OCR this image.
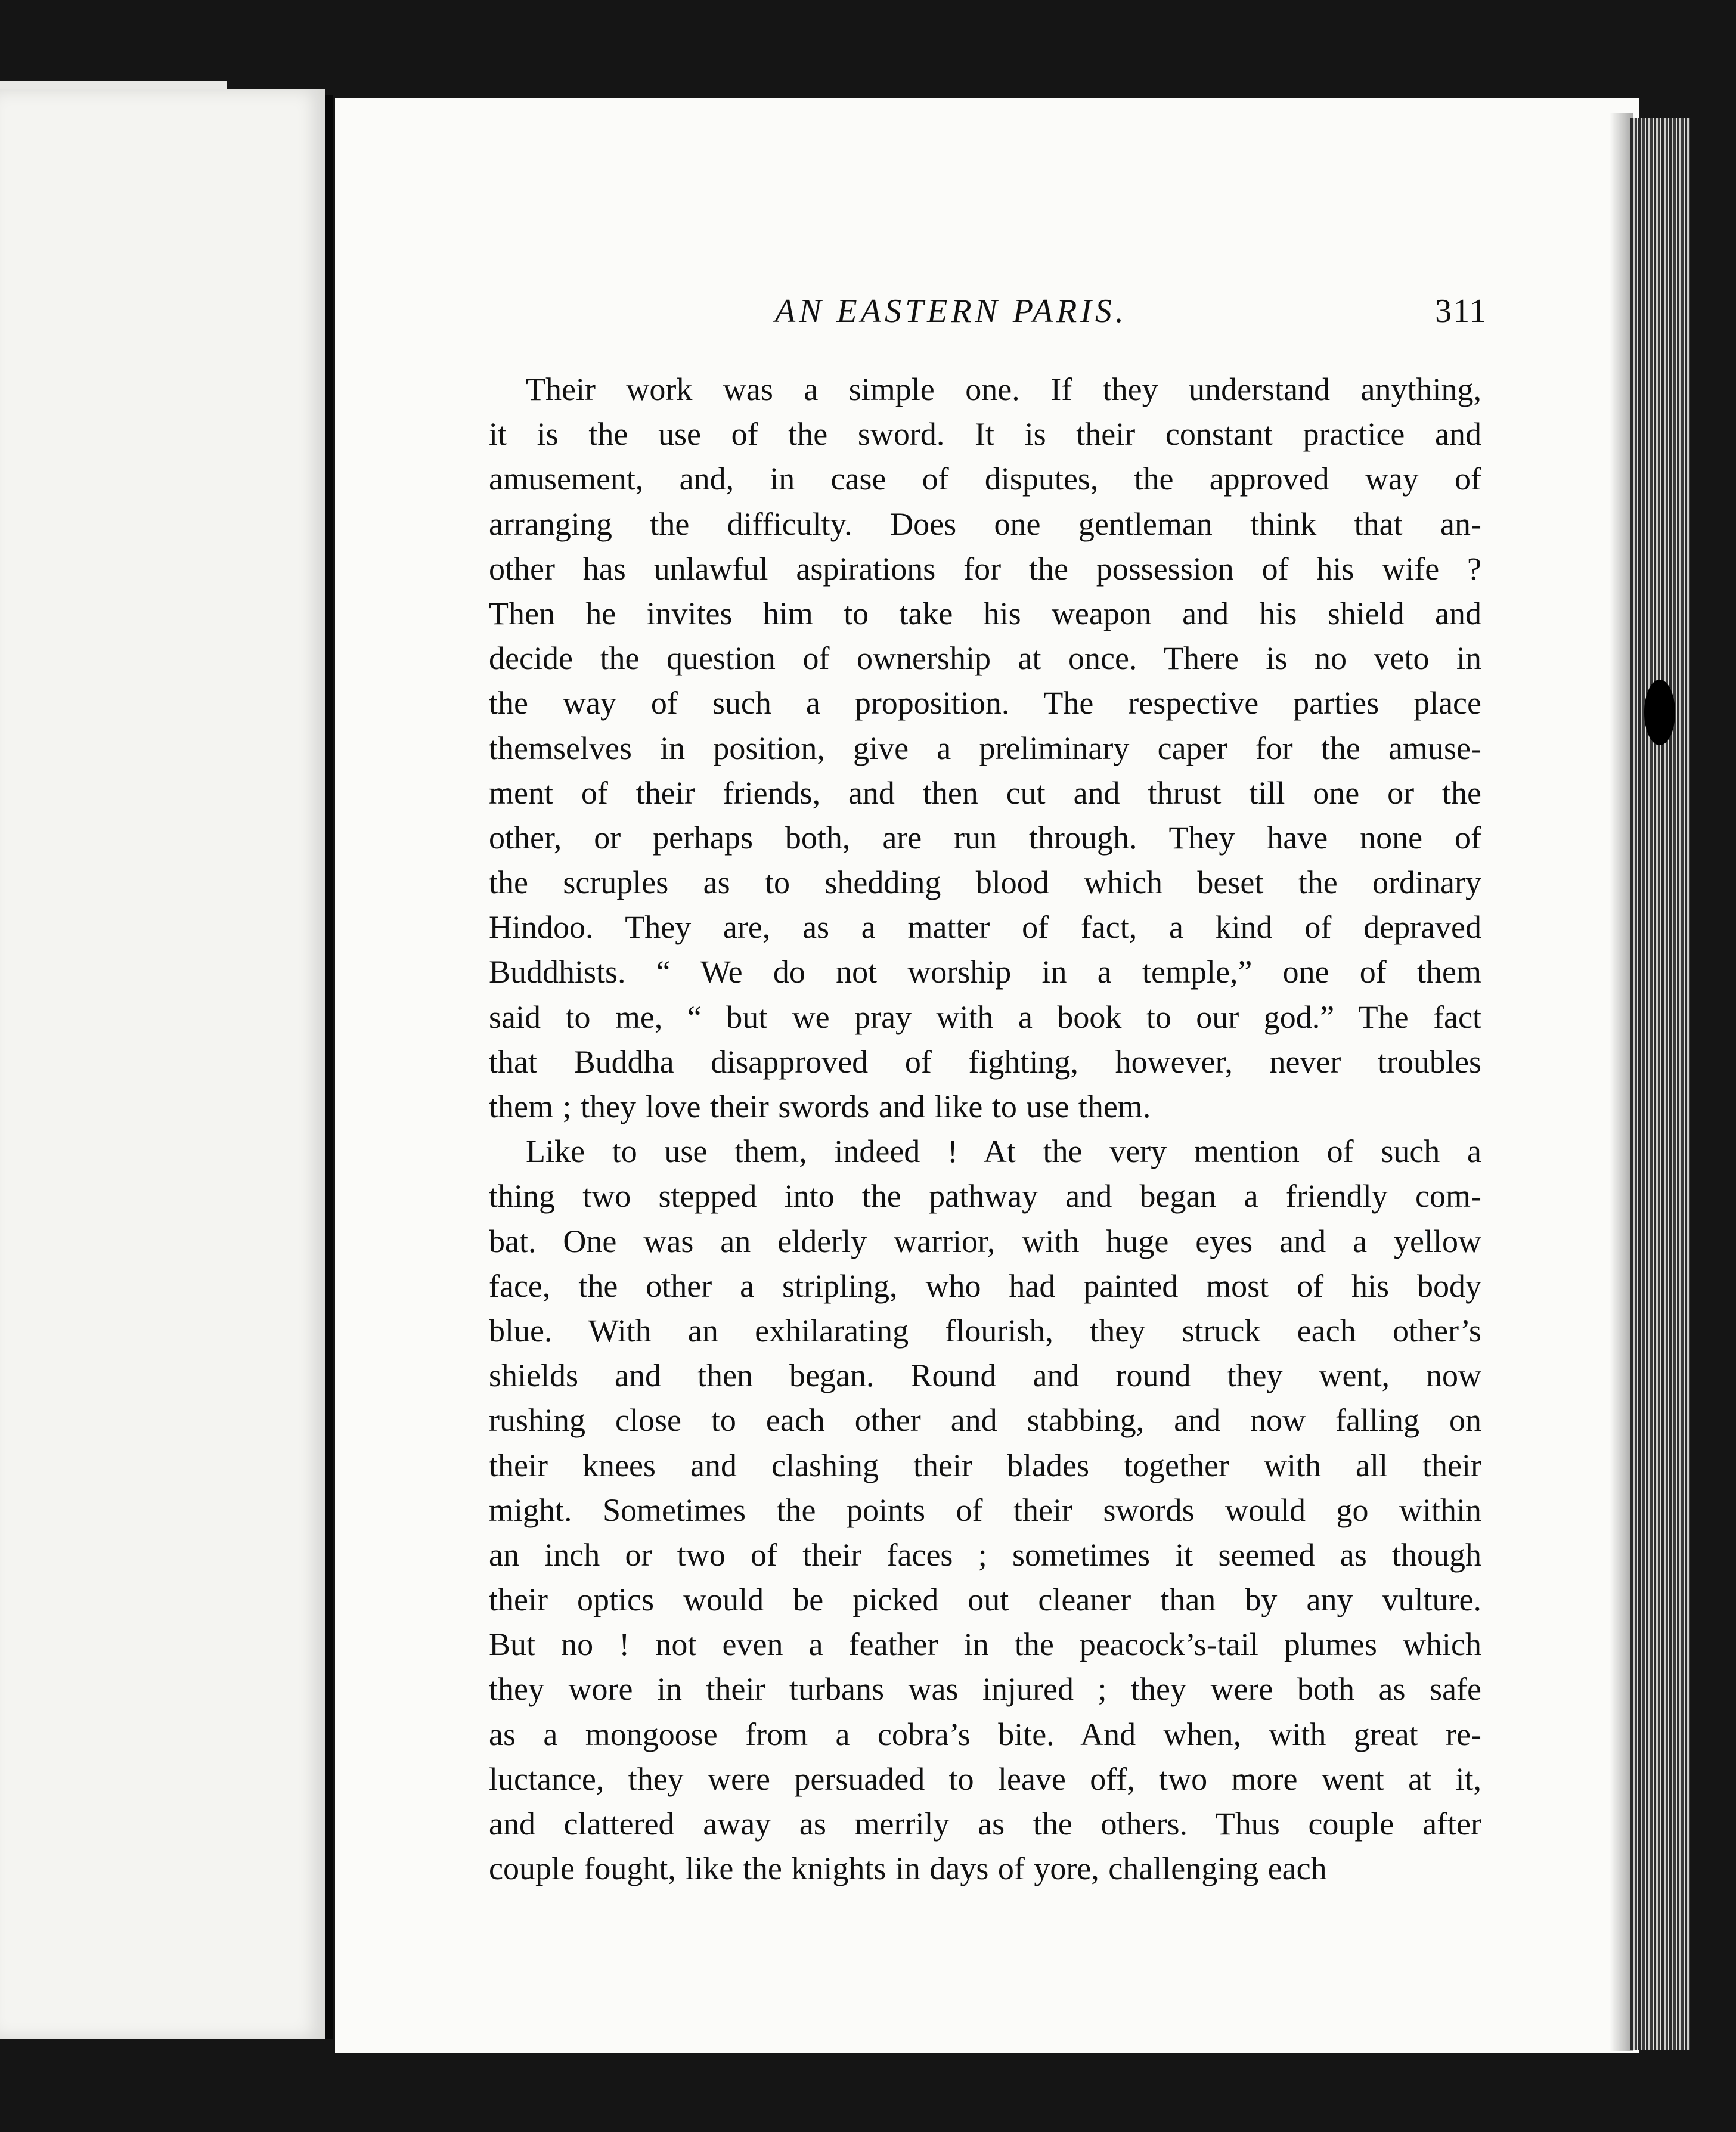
AN EASTERN PARIS.	311
Their work was a simple one. If they understand anything,
it is the use of the sword. It is their constant practice and
amusement, and, in case of disputes, the approved way of
arranging the difficulty. Does one gentleman think that an-
other has unlawful aspirations for the possession of his wife ?
Then he invites him to take his weapon and his shield and
decide the question of ownership at once. There is no veto in
the way of such a proposition. The respective parties place
themselves in position, give a preliminary caper for the amuse-
ment of their friends, and then cut and thrust till one or the
other, or perhaps both, are run through. They have none of
the scruples as to shedding blood which beset the ordinary
Hindoo. They are, as a matter of fact, a kind of depraved
Buddhists. “ We do not worship in a temple,” one of them
said to me, “ but we pray with a book to our god.” The fact
that Buddha disapproved of fighting, however, never troubles
them ; they love their swords and like to use them.
Like to use them, indeed ! At the very mention of such a
thing two stepped into the pathway and began a friendly com-
bat. One was an elderly warrior, with huge eyes and a yellow
face, the other a stripling, who had painted most of his body
blue. With an exhilarating flourish, they struck each other’s
shields and then began. Round and round they went, now
rushing close to each other and stabbing, and now falling on
their knees and clashing their blades together with all their
might. Sometimes the points of their swords would go within
an inch or two of their faces ; sometimes it seemed as though
their optics would be picked out cleaner than by any vulture.
But no ! not even a feather in the peacock’s-tail plumes which
they wore in their turbans was injured ; they were both as safe
as a mongoose from a cobra’s bite. And when, with great re-
luctance, they were persuaded to leave off, two more went at it,
and clattered away as merrily as the others. Thus couple after
couple fought, like the knights in days of yore, challenging each
